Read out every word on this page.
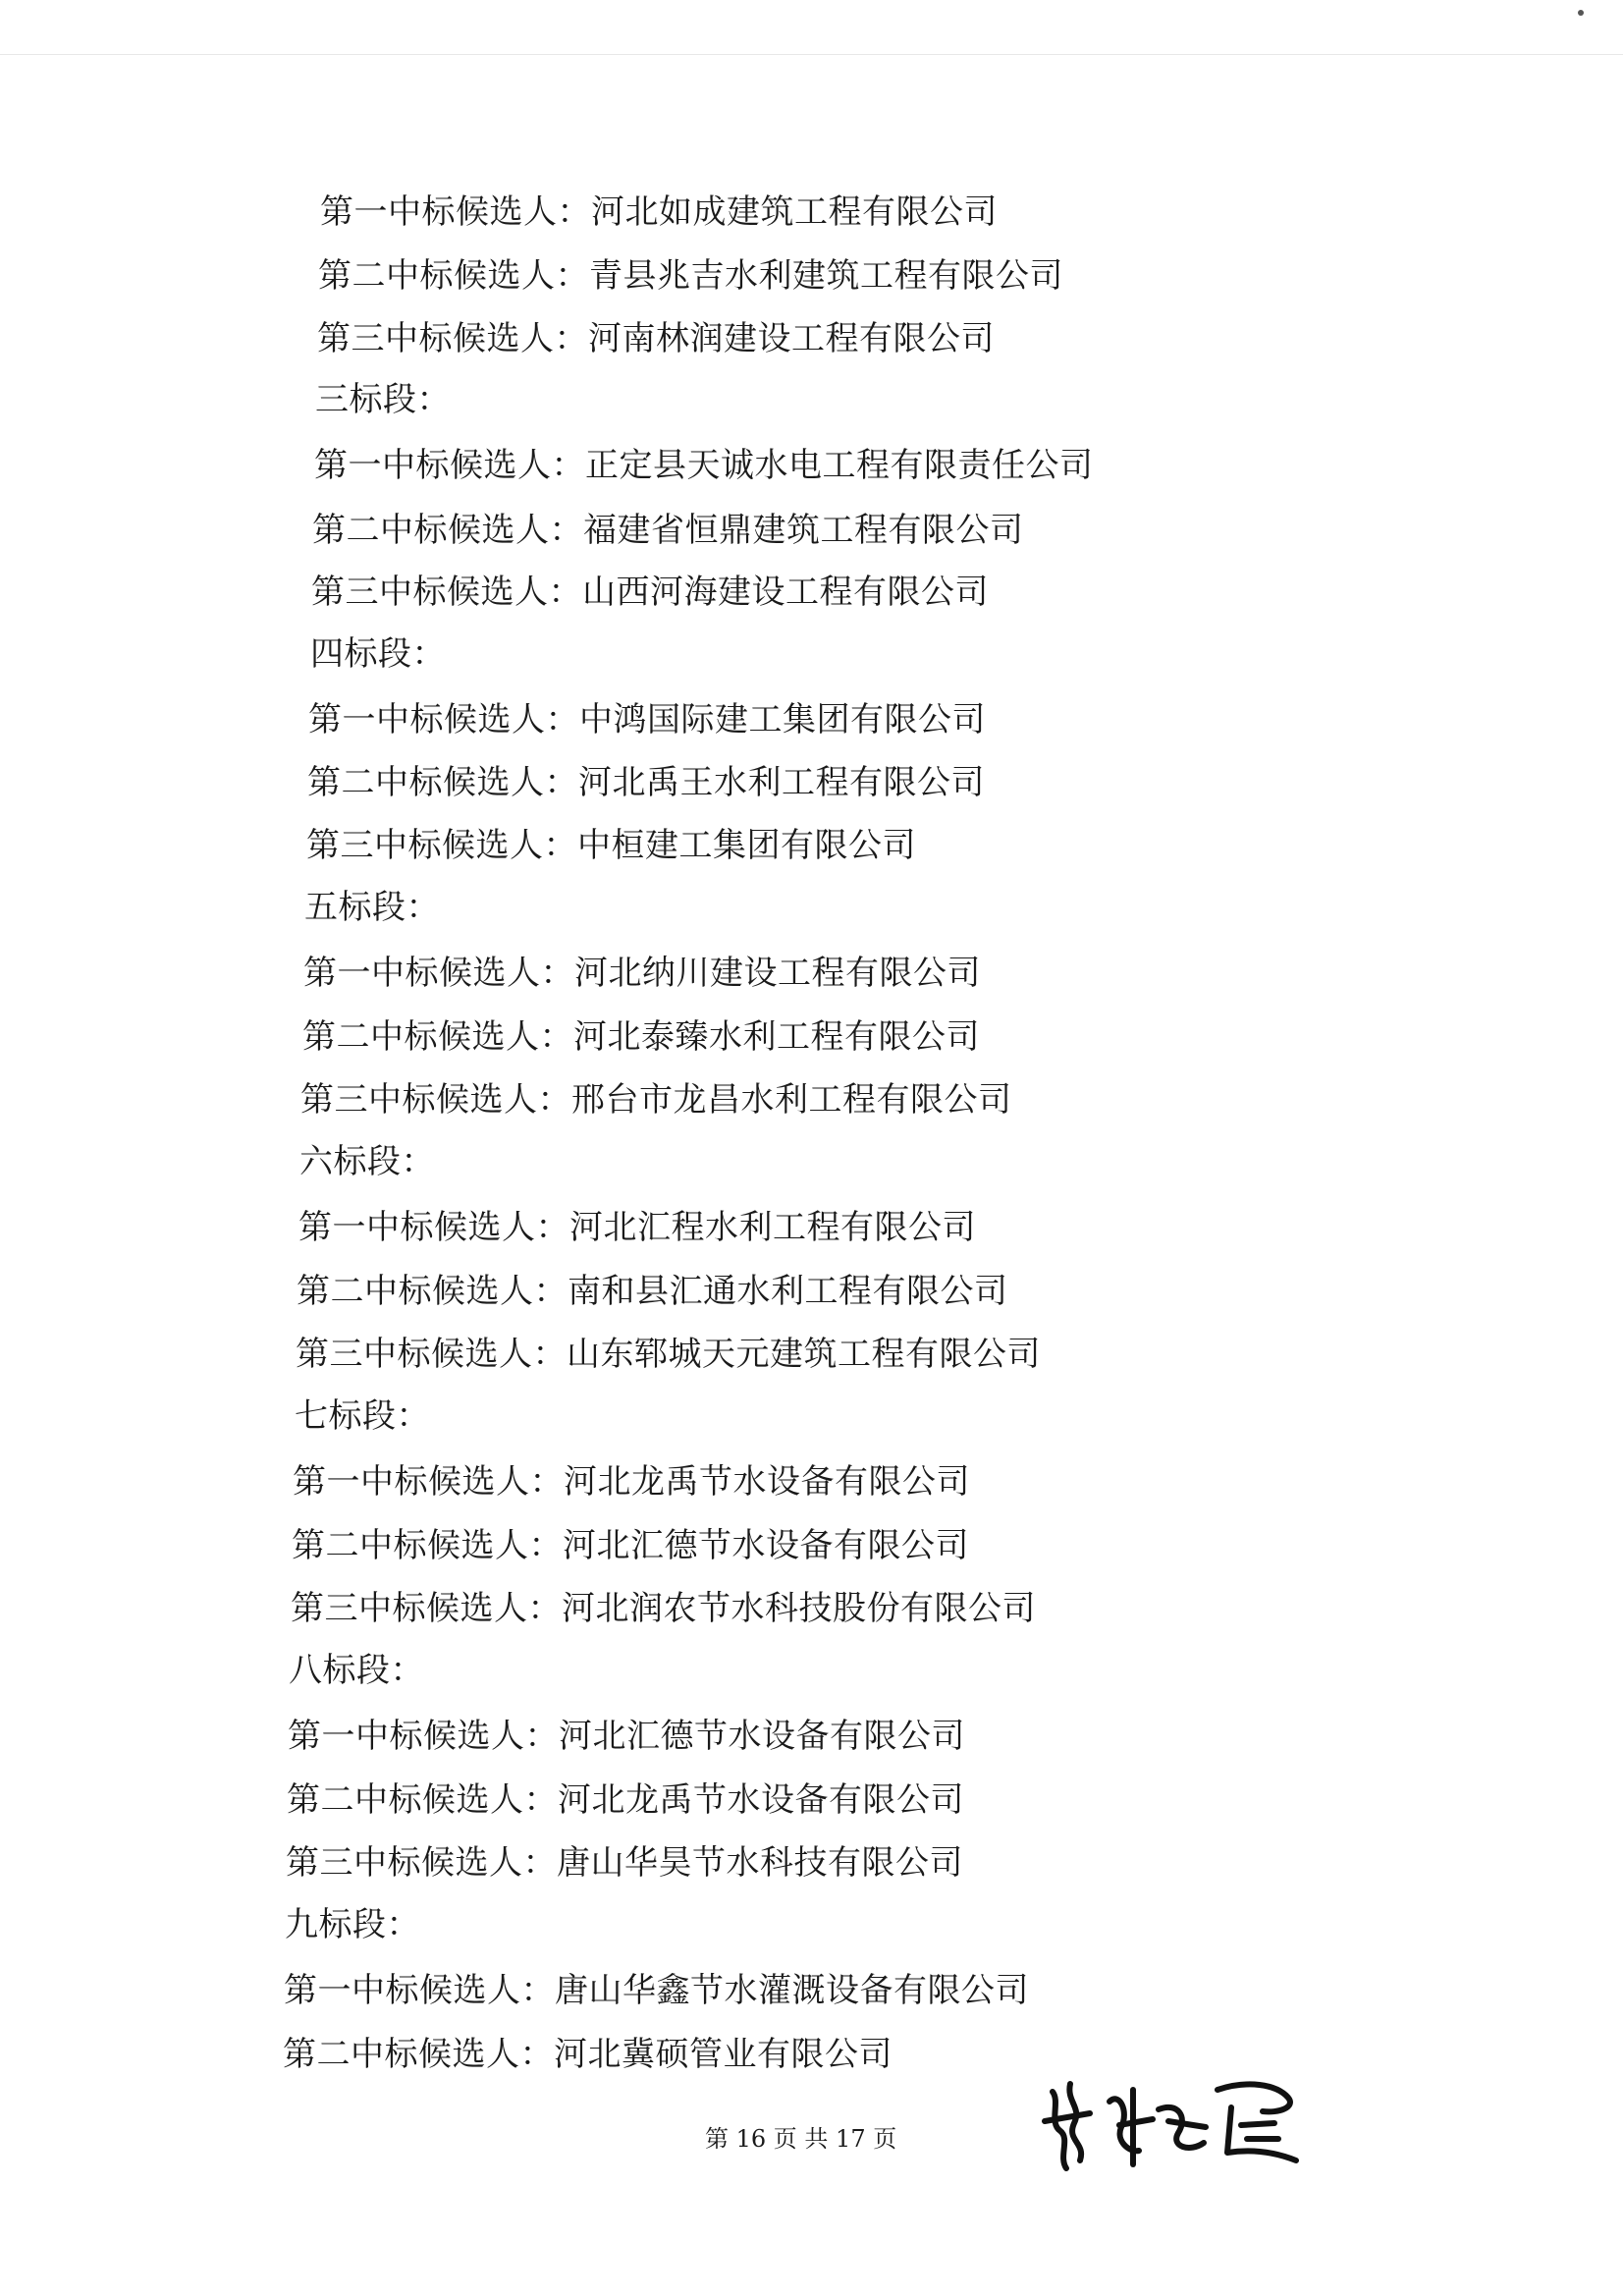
第一中标候选人：河北如成建筑工程有限公司
第二中标候选人：青县兆吉水利建筑工程有限公司
第三中标候选人：河南林润建设工程有限公司
三标段：
第一中标候选人：正定县天诚水电工程有限责任公司
第二中标候选人：福建省恒鼎建筑工程有限公司
第三中标候选人：山西河海建设工程有限公司
四标段：
第一中标候选人：中鸿国际建工集团有限公司
第二中标候选人：河北禹王水利工程有限公司
第三中标候选人：中桓建工集团有限公司
五标段：
第一中标候选人：河北纳川建设工程有限公司
第二中标候选人：河北泰臻水利工程有限公司
第三中标候选人：邢台市龙昌水利工程有限公司
六标段：
第一中标候选人：河北汇程水利工程有限公司
第二中标候选人：南和县汇通水利工程有限公司
第三中标候选人：山东郓城天元建筑工程有限公司
七标段：
第一中标候选人：河北龙禹节水设备有限公司
第二中标候选人：河北汇德节水设备有限公司
第三中标候选人：河北润农节水科技股份有限公司
八标段：
第一中标候选人：河北汇德节水设备有限公司
第二中标候选人：河北龙禹节水设备有限公司
第三中标候选人：唐山华昊节水科技有限公司
九标段：
第一中标候选人：唐山华鑫节水灌溉设备有限公司
第二中标候选人：河北冀硕管业有限公司
第 16 页 共 17 页
